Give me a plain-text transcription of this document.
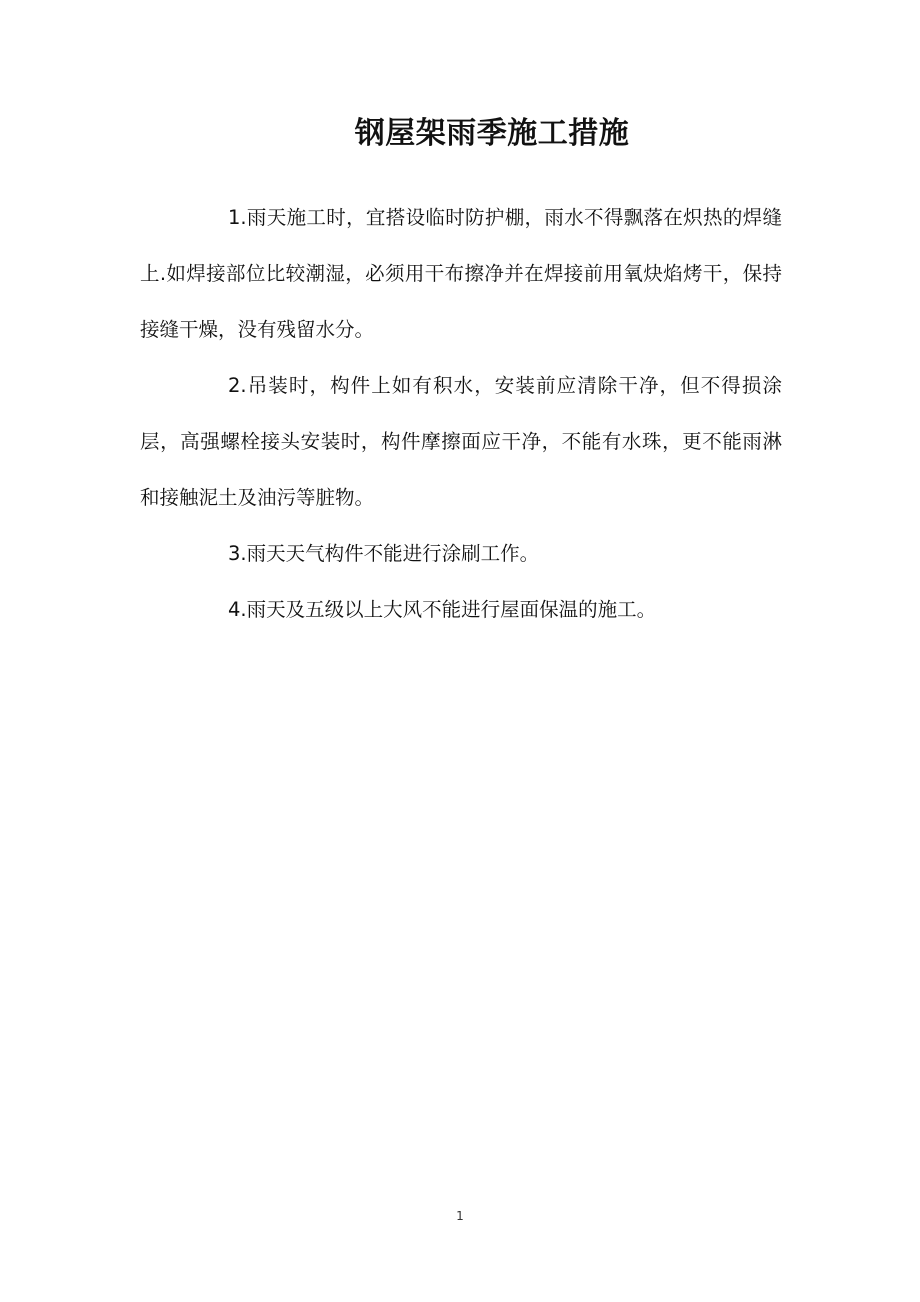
钢屋架雨季施工措施

1.雨天施工时，宜搭设临时防护棚，雨水不得飘落在炽热的焊缝上.如焊接部位比较潮湿，必须用干布擦净并在焊接前用氧炔焰烤干，保持接缝干燥，没有残留水分。

2.吊装时，构件上如有积水，安装前应清除干净，但不得损涂层，高强螺栓接头安装时，构件摩擦面应干净，不能有水珠，更不能雨淋和接触泥土及油污等脏物。

3.雨天天气构件不能进行涂刷工作。

4.雨天及五级以上大风不能进行屋面保温的施工。

1
